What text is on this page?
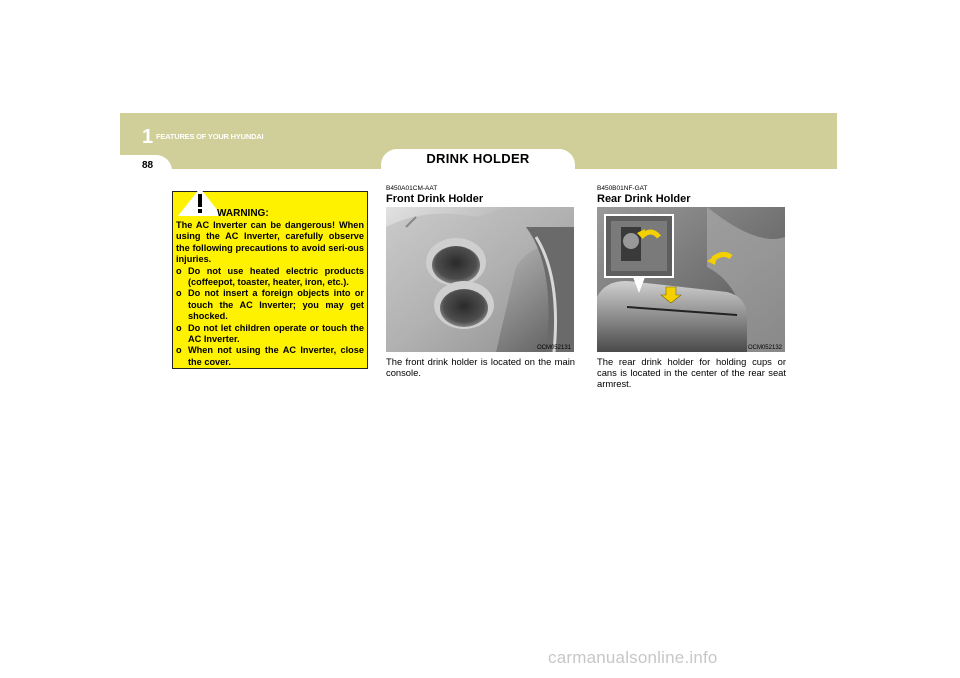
1 FEATURES OF YOUR HYUNDAI
88	DRINK HOLDER
WARNING:

The AC Inverter can be dangerous! When using the AC Inverter, carefully observe the following precautions to avoid seri-ous injuries.

o Do not use heated electric products (coffeepot, toaster, heater, iron, etc.).
o Do not insert a foreign objects into or touch the AC Inverter; you may get shocked.
o Do not let children operate or touch the AC Inverter.
o When not using the AC Inverter, close the cover.
B450A01CM-AAT
Front Drink Holder
OCM052131
The front drink holder is located on the main console.
B450B01NF-GAT
Rear Drink Holder
OCM052132
The rear drink holder for holding cups or cans is located in the center of the rear seat armrest.
carmanualsonline.info
